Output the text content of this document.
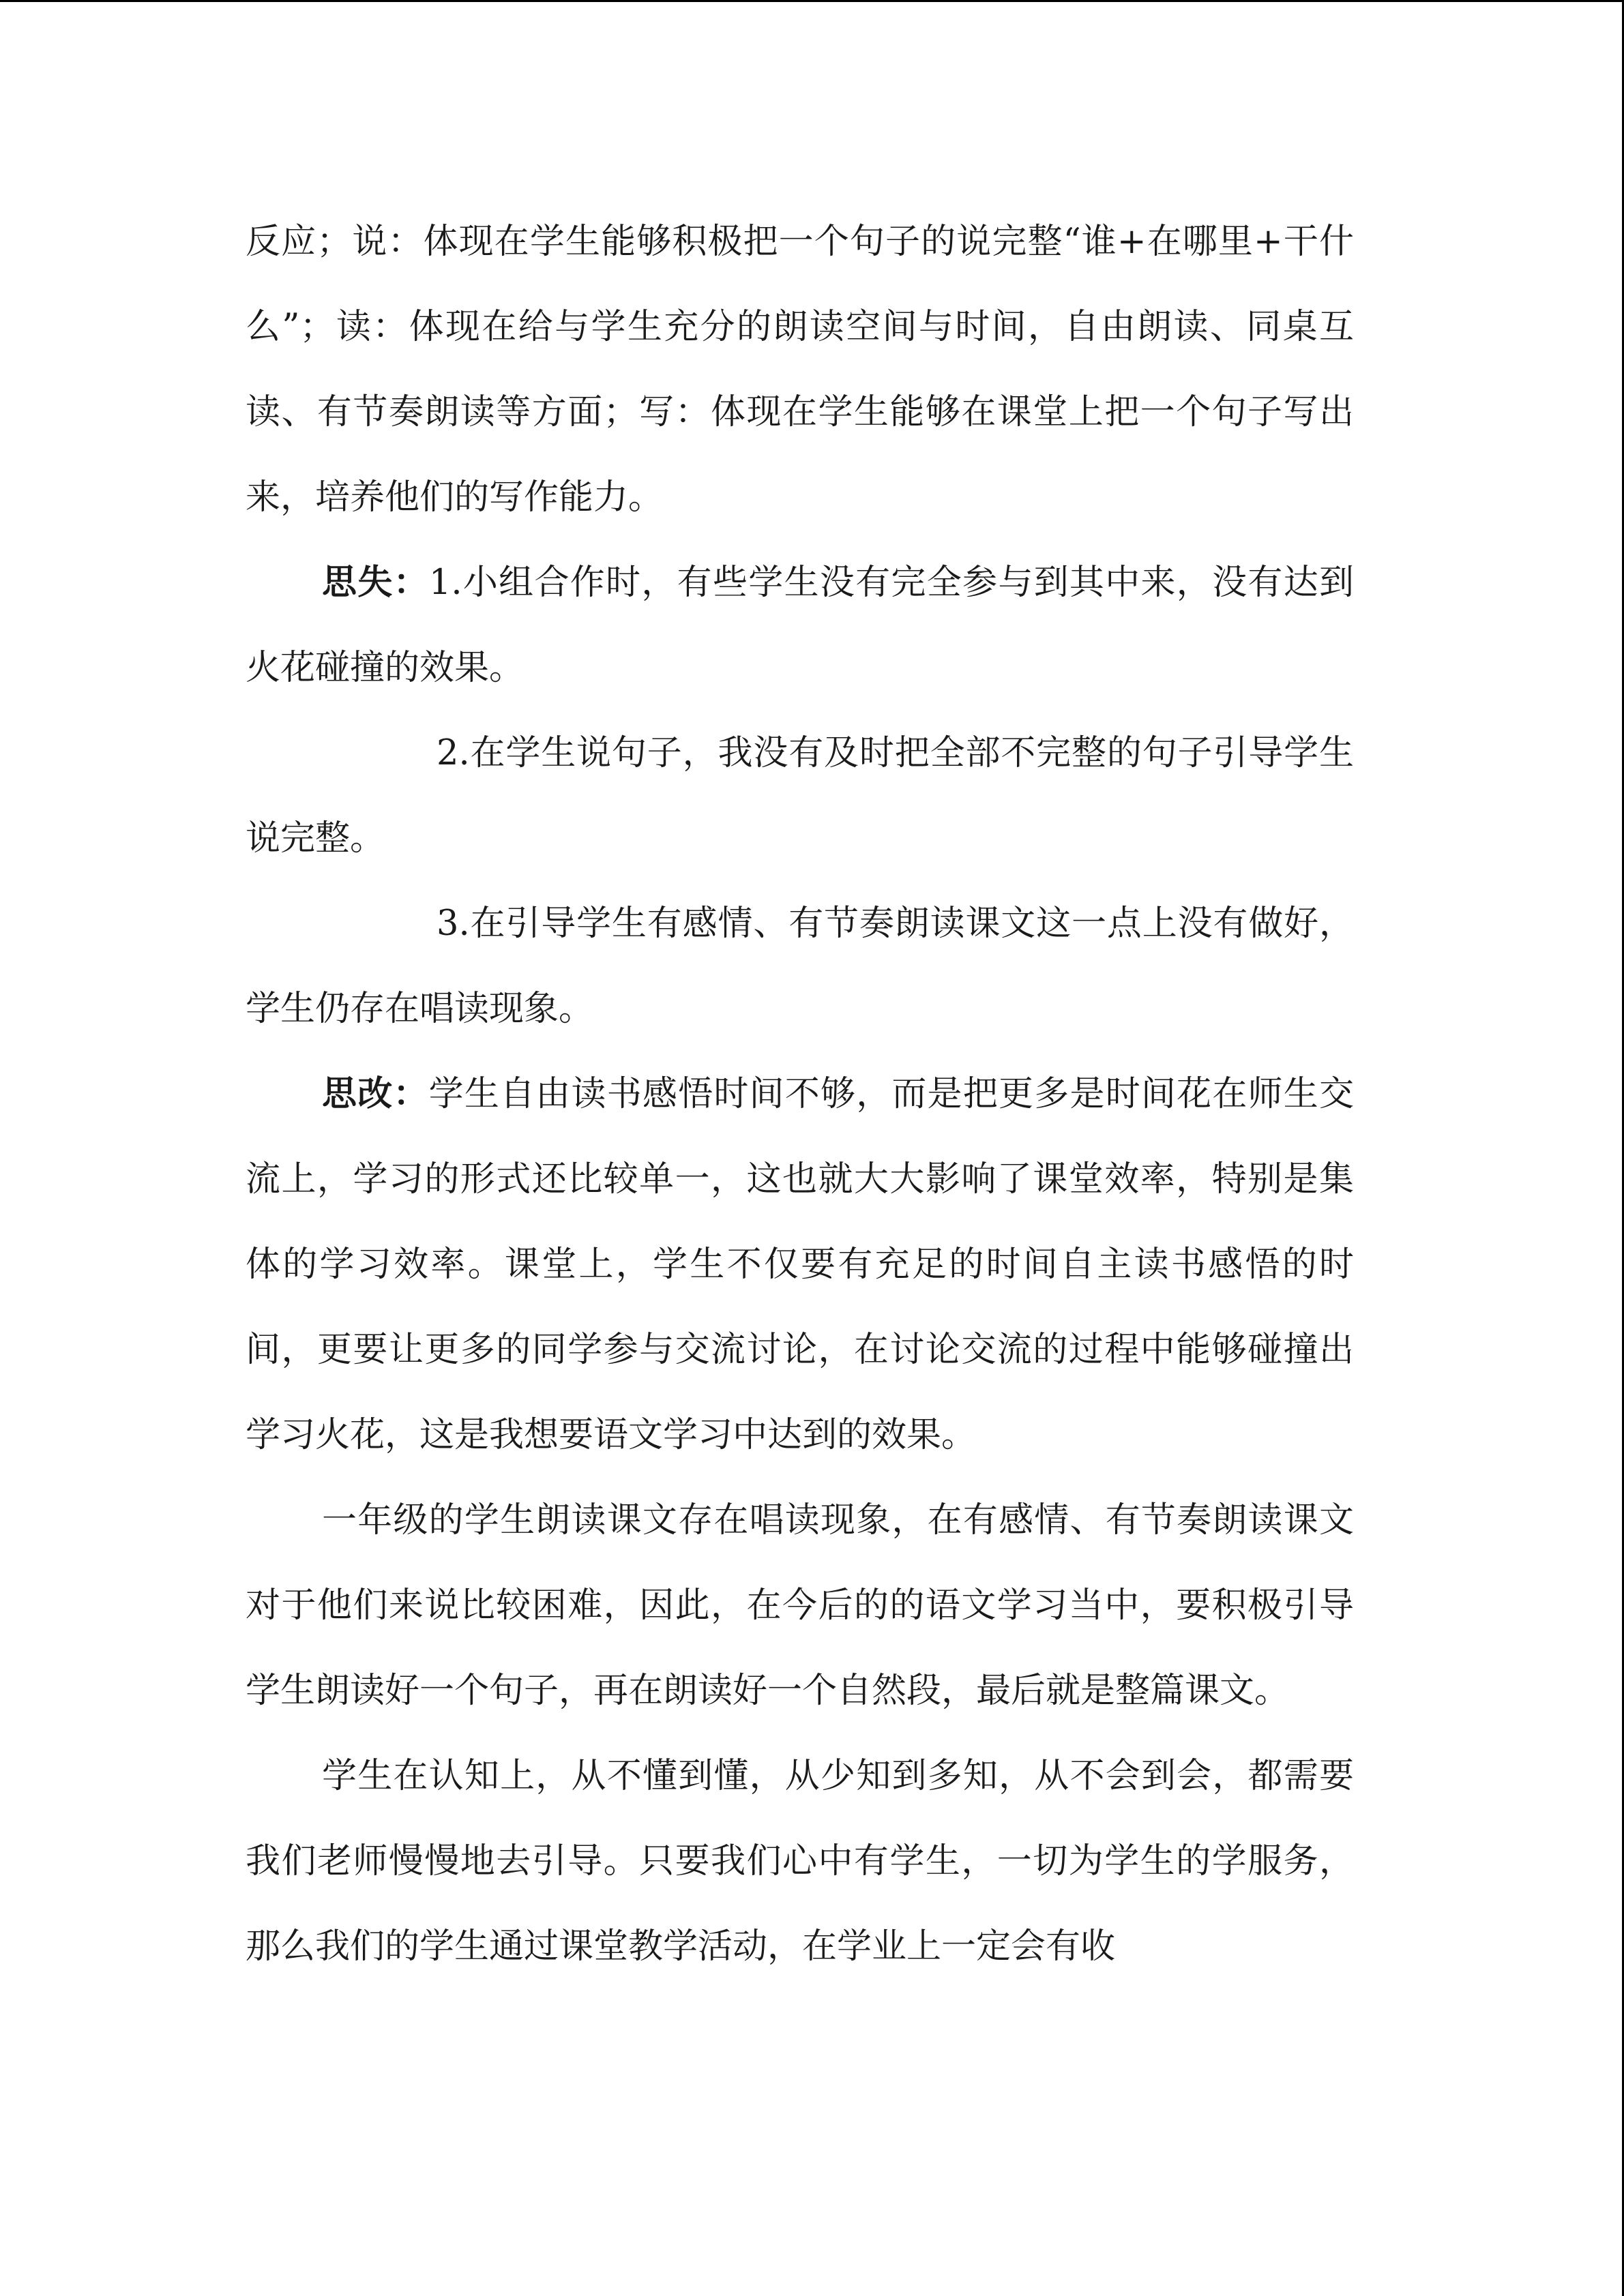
反应；说：体现在学生能够积极把一个句子的说完整“谁+在哪里+干什么”；读：体现在给与学生充分的朗读空间与时间，自由朗读、同桌互读、有节奏朗读等方面；写：体现在学生能够在课堂上把一个句子写出来，培养他们的写作能力。

思失：1.小组合作时，有些学生没有完全参与到其中来，没有达到火花碰撞的效果。

2.在学生说句子，我没有及时把全部不完整的句子引导学生说完整。

3.在引导学生有感情、有节奏朗读课文这一点上没有做好，学生仍存在唱读现象。

思改：学生自由读书感悟时间不够，而是把更多是时间花在师生交流上，学习的形式还比较单一，这也就大大影响了课堂效率，特别是集体的学习效率。课堂上，学生不仅要有充足的时间自主读书感悟的时间，更要让更多的同学参与交流讨论，在讨论交流的过程中能够碰撞出学习火花，这是我想要语文学习中达到的效果。

一年级的学生朗读课文存在唱读现象，在有感情、有节奏朗读课文对于他们来说比较困难，因此，在今后的的语文学习当中，要积极引导学生朗读好一个句子，再在朗读好一个自然段，最后就是整篇课文。

学生在认知上，从不懂到懂，从少知到多知，从不会到会，都需要我们老师慢慢地去引导。只要我们心中有学生，一切为学生的学服务，那么我们的学生通过课堂教学活动，在学业上一定会有收
